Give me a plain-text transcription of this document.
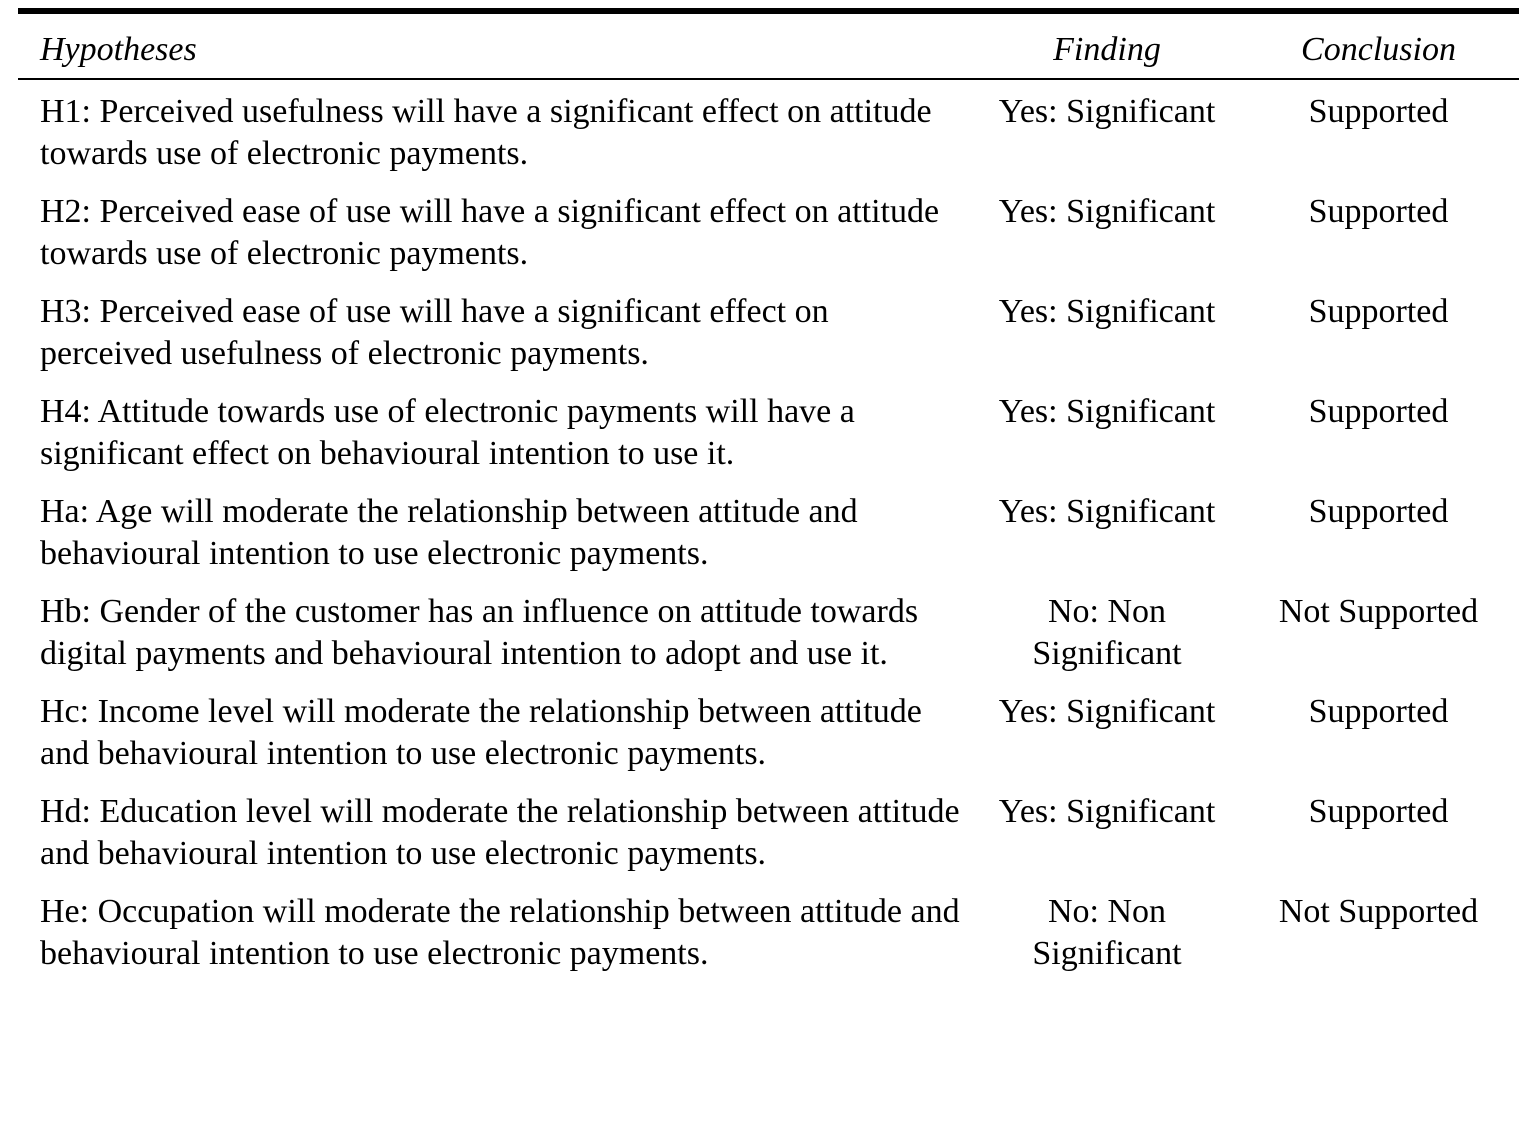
Hypotheses	Finding	Conclusion
H1: Perceived usefulness will have a significant effect on attitude towards use of electronic payments.	Yes: Significant	Supported
H2: Perceived ease of use will have a significant effect on attitude towards use of electronic payments.	Yes: Significant	Supported
H3: Perceived ease of use will have a significant effect on perceived usefulness of electronic payments.	Yes: Significant	Supported
H4: Attitude towards use of electronic payments will have a significant effect on behavioural intention to use it.	Yes: Significant	Supported
Ha: Age will moderate the relationship between attitude and behavioural intention to use electronic payments.	Yes: Significant	Supported
Hb: Gender of the customer has an influence on attitude towards digital payments and behavioural intention to adopt and use it.	No: Non Significant	Not Supported
Hc: Income level will moderate the relationship between attitude and behavioural intention to use electronic payments.	Yes: Significant	Supported
Hd: Education level will moderate the relationship between attitude and behavioural intention to use electronic payments.	Yes: Significant	Supported
He: Occupation will moderate the relationship between attitude and behavioural intention to use electronic payments.	No: Non Significant	Not Supported
